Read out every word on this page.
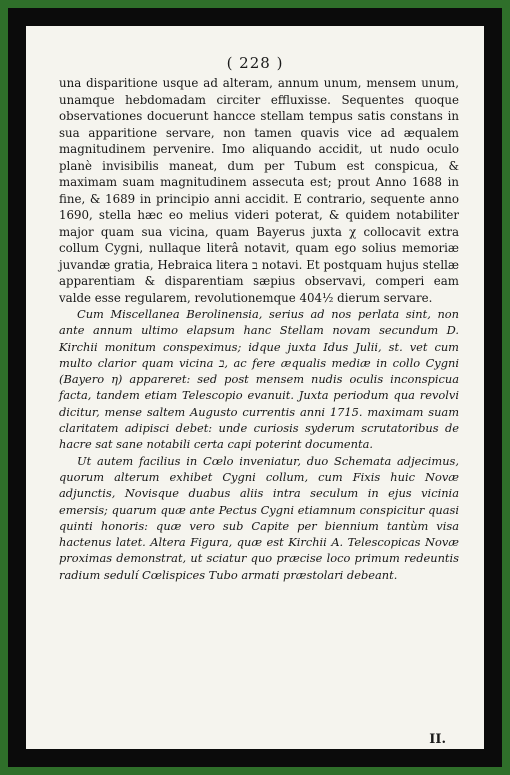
( 228 )

una disparitione usque ad alteram, annum unum, mensem unum, unamque hebdomadam circiter effluxisse. Sequentes quoque observationes docuerunt hancce stellam tempus satis constans in sua apparitione servare, non tamen quavis vice ad æqualem magnitudinem pervenire. Imo aliquando accidit, ut nudo oculo planè invisibilis maneat, dum per Tubum est conspicua, & maximam suam magnitudinem assecuta est; prout Anno 1688 in fine, & 1689 in principio anni accidit. E contrario, sequente anno 1690, stella hæc eo melius videri poterat, & quidem notabiliter major quam sua vicina, quam Bayerus juxta χ collocavit extra collum Cygni, nullaque literâ notavit, quam ego solius memoriæ juvandæ gratia, Hebraica litera ב notavi. Et postquam hujus stellæ apparentiam & disparentiam sæpius observavi, comperi eam valde esse regularem, revolutionemque 404½ dierum servare.

Cum Miscellanea Berolinensia, serius ad nos perlata sint, non ante annum ultimo elapsum hanc Stellam novam secundum D. Kirchii monitum conspeximus; idque juxta Idus Julii, st. vet cum multo clarior quam vicina ב, ac fere æqualis mediæ in collo Cygni (Bayero η) appareret: sed post mensem nudis oculis inconspicua facta, tandem etiam Telescopio evanuit. Juxta periodum qua revolvi dicitur, mense saltem Augusto currentis anni 1715. maximam suam claritatem adipisci debet: unde curiosis syderum scrutatoribus de hacre sat sane notabili certa capi poterint documenta.

Ut autem facilius in Cœlo inveniatur, duo Schemata adjecimus, quorum alterum exhibet Cygni collum, cum Fixis huic Novæ adjunctis, Novisque duabus aliis intra seculum in ejus vicinia emersis; quarum quæ ante Pectus Cygni etiamnum conspicitur quasi quinti honoris: quæ vero sub Capite per biennium tantùm visa hactenus latet. Altera Figura, quæ est Kirchii A. Telescopicas Novæ proximas demonstrat, ut sciatur quo præcise loco primum redeuntis radium sedulí Cœlispices Tubo armati præstolari debeant.

II.
